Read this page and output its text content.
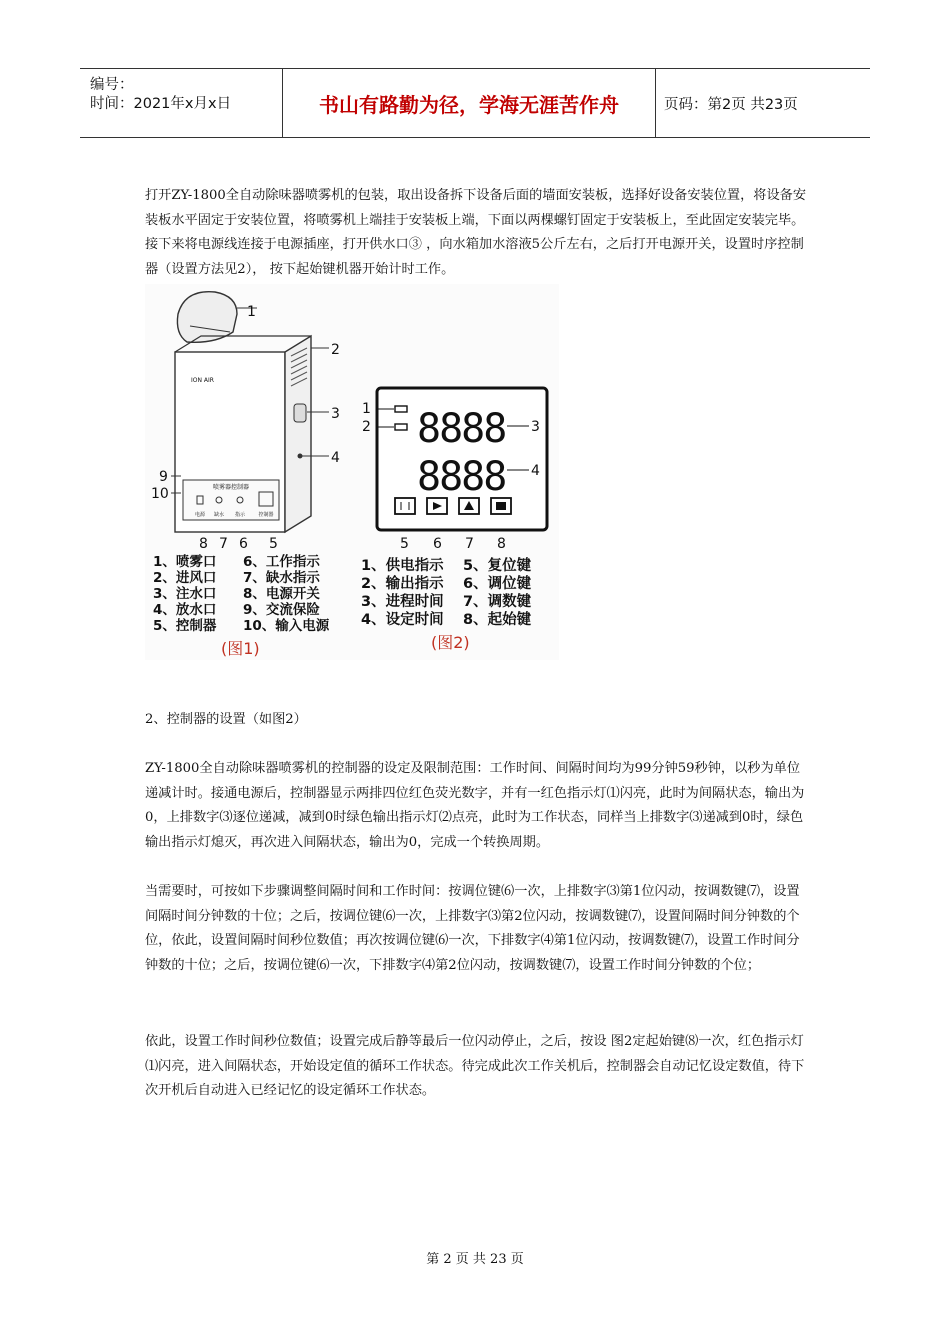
编号：
时间：2021年x月x日	书山有路勤为径，学海无涯苦作舟	页码：第2页 共23页

打开ZY-1800全自动除味器喷雾机的包装，取出设备拆下设备后面的墙面安装板，选择好设备安装位置，将设备安装板水平固定于安装位置，将喷雾机上端挂于安装板上端，下面以两棵螺钉固定于安装板上，至此固定安装完毕。接下来将电源线连接于电源插座，打开供水口③ ，向水箱加水溶液5公斤左右，之后打开电源开关，设置时序控制器（设置方法见2）， 按下起始键机器开始计时工作。

ION AIR
喷雾器控制器
电源 缺水 指示	控制器
1
2
3
4
9
10
8 7 6 5
1、喷雾口 6、工作指示
2、进风口 7、缺水指示
3、注水口 8、电源开关
4、放水口 9、交流保险
5、控制器 10、输入电源
(图1)
8888
8888
1
2	3
4
5 6 7 8
1、供电指示 5、复位键
2、输出指示 6、调位键
3、进程时间 7、调数键
4、设定时间 8、起始键
(图2)

2、控制器的设置（如图2）

ZY-1800全自动除味器喷雾机的控制器的设定及限制范围：工作时间、间隔时间均为99分钟59秒钟，以秒为单位递减计时。接通电源后，控制器显示两排四位红色荧光数字，并有一红色指示灯⑴闪亮，此时为间隔状态，输出为0，上排数字⑶逐位递减，减到0时绿色输出指示灯⑵点亮，此时为工作状态，同样当上排数字⑶递减到0时，绿色输出指示灯熄灭，再次进入间隔状态，输出为0，完成一个转换周期。

当需要时，可按如下步骤调整间隔时间和工作时间：按调位键⑹一次，上排数字⑶第1位闪动，按调数键⑺，设置间隔时间分钟数的十位；之后，按调位键⑹一次，上排数字⑶第2位闪动，按调数键⑺，设置间隔时间分钟数的个位，依此，设置间隔时间秒位数值；再次按调位键⑹一次，下排数字⑷第1位闪动，按调数键⑺，设置工作时间分钟数的十位；之后，按调位键⑹一次，下排数字⑷第2位闪动，按调数键⑺，设置工作时间分钟数的个位；

依此，设置工作时间秒位数值；设置完成后静等最后一位闪动停止，之后，按设 图2定起始键⑻一次，红色指示灯⑴闪亮，进入间隔状态，开始设定值的循环工作状态。待完成此次工作关机后，控制器会自动记忆设定数值，待下次开机后自动进入已经记忆的设定循环工作状态。

第 2 页 共 23 页
